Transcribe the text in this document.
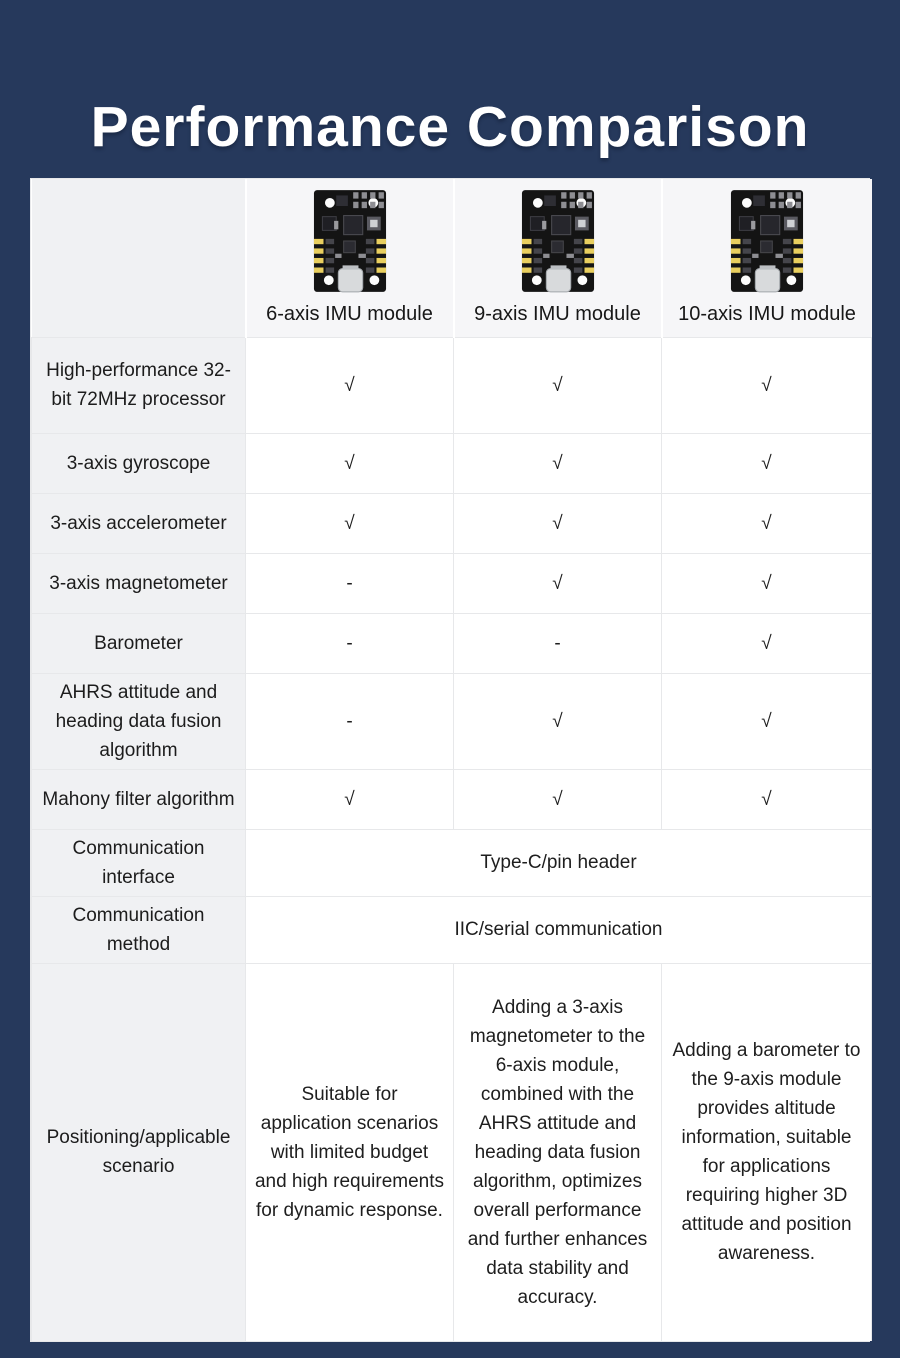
Performance Comparison

	6-axis IMU module	9-axis IMU module	10-axis IMU module

High-performance 32-bit 72MHz processor	√	√	√
3-axis gyroscope	√	√	√
3-axis accelerometer	√	√	√
3-axis magnetometer	-	√	√
Barometer	-	-	√
AHRS attitude and heading data fusion algorithm	-	√	√
Mahony filter algorithm	√	√	√
Communication interface	Type-C/pin header		
Communication method	IIC/serial communication		
Positioning/applicable scenario	Suitable for application scenarios with limited budget and high requirements for dynamic response.	Adding a 3-axis magnetometer to the 6-axis module, combined with the AHRS attitude and heading data fusion algorithm, optimizes overall performance and further enhances data stability and accuracy.	Adding a barometer to the 9-axis module provides altitude information, suitable for applications requiring higher 3D attitude and position awareness.
